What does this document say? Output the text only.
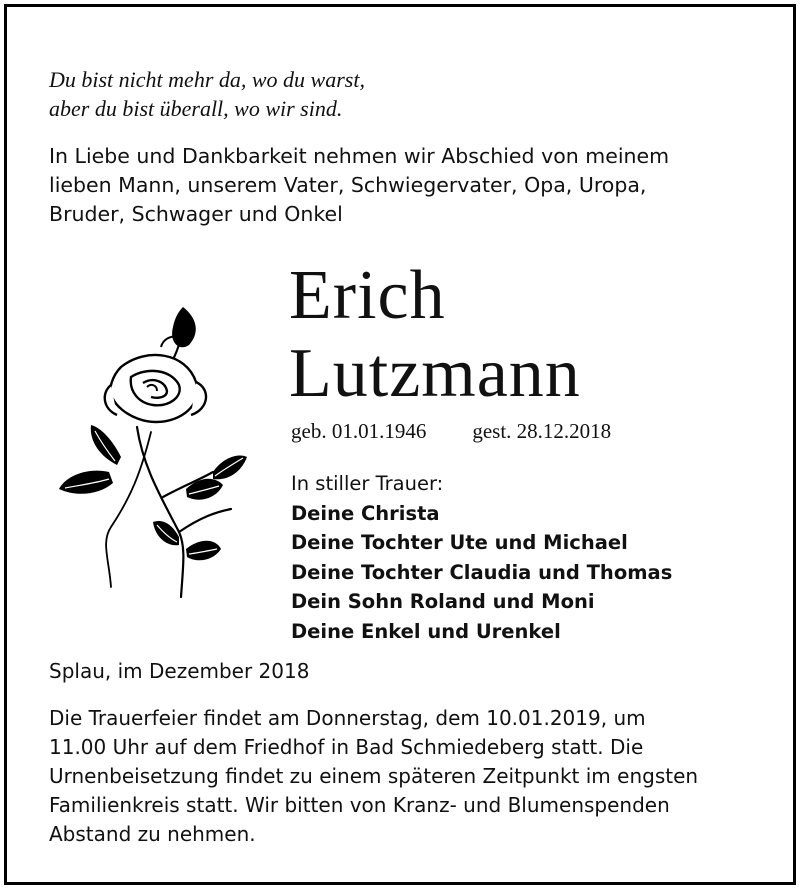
Du bist nicht mehr da, wo du warst,
aber du bist überall, wo wir sind.
In Liebe und Dankbarkeit nehmen wir Abschied von meinem
lieben Mann, unserem Vater, Schwiegervater, Opa, Uropa,
Bruder, Schwager und Onkel
Erich
Lutzmann
geb. 01.01.1946 gest. 28.12.2018
In stiller Trauer:
Deine Christa
Deine Tochter Ute und Michael
Deine Tochter Claudia und Thomas
Dein Sohn Roland und Moni
Deine Enkel und Urenkel
Splau, im Dezember 2018
Die Trauerfeier findet am Donnerstag, dem 10.01.2019, um
11.00 Uhr auf dem Friedhof in Bad Schmiedeberg statt. Die
Urnenbeisetzung findet zu einem späteren Zeitpunkt im engsten
Familienkreis statt. Wir bitten von Kranz- und Blumenspenden
Abstand zu nehmen.
